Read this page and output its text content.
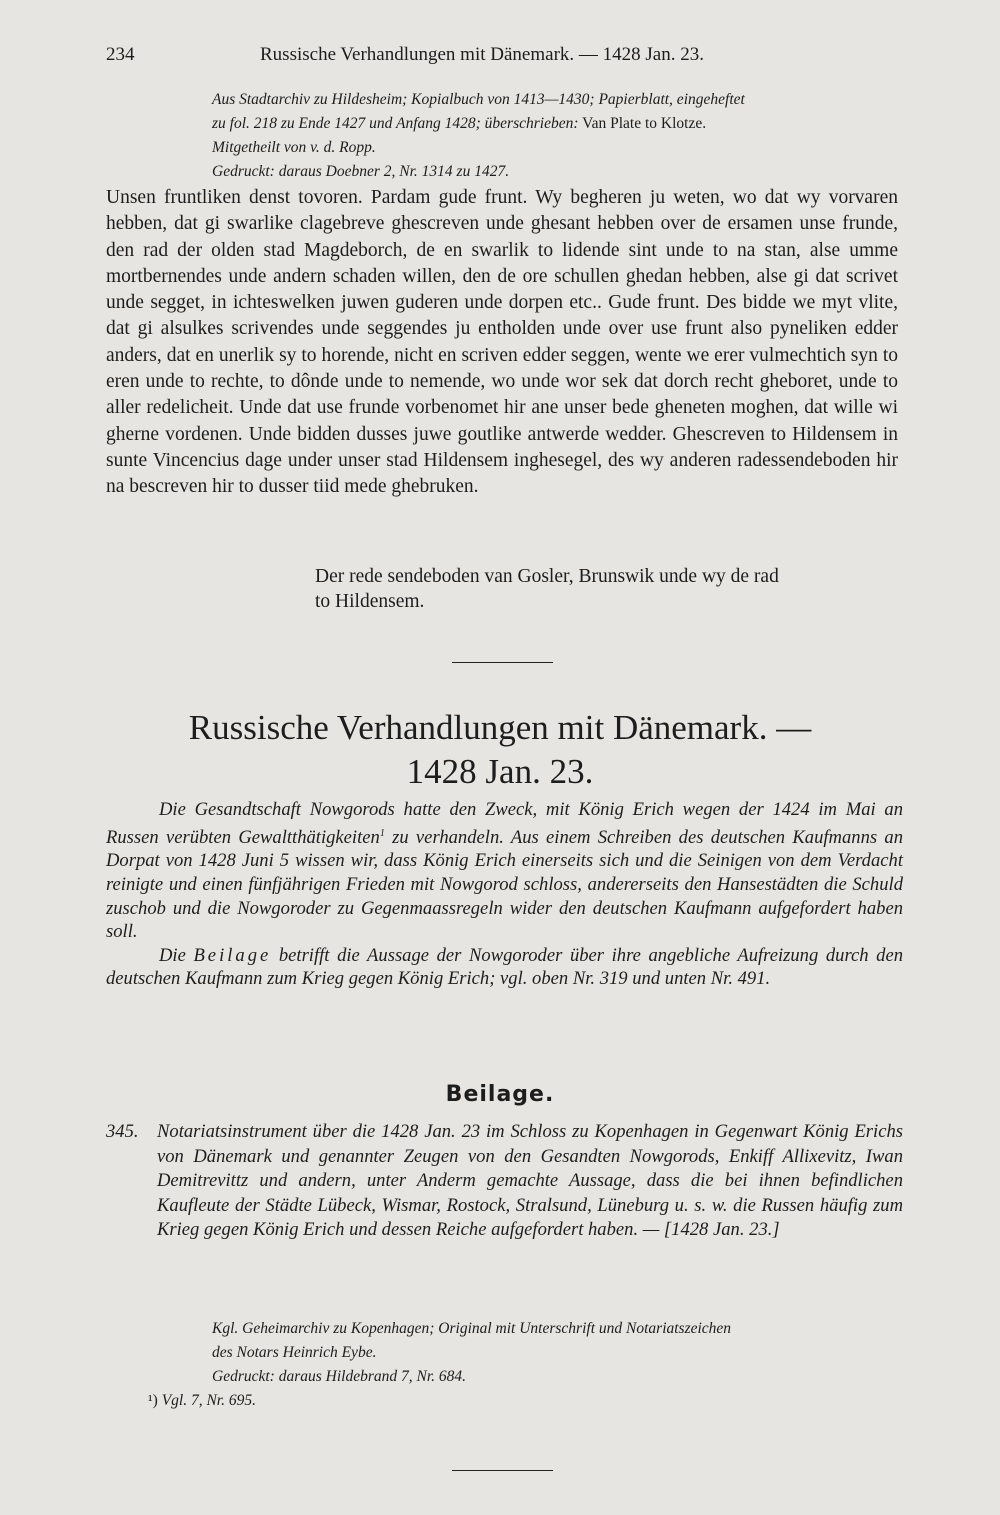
234	Russische Verhandlungen mit Dänemark. — 1428 Jan. 23.
Aus Stadtarchiv zu Hildesheim; Kopialbuch von 1413—1430; Papierblatt, eingeheftet
zu fol. 218 zu Ende 1427 und Anfang 1428; überschrieben: Van Plate to Klotze.
Mitgetheilt von v. d. Ropp.
Gedruckt: daraus Doebner 2, Nr. 1314 zu 1427.

Unsen fruntliken denst tovoren. Pardam gude frunt. Wy begheren ju weten, wo dat wy vorvaren hebben, dat gi swarlike clagebreve ghescreven unde ghesant hebben over de ersamen unse frunde, den rad der olden stad Magdeborch, de en swarlik to lidende sint unde to na stan, alse umme mortbernendes unde andern schaden willen, den de ore schullen ghedan hebben, alse gi dat scrivet unde segget, in ichteswelken juwen guderen unde dorpen etc.. Gude frunt. Des bidde we myt vlite, dat gi alsulkes scrivendes unde seggendes ju entholden unde over use frunt also pyneliken edder anders, dat en unerlik sy to horende, nicht en scriven edder seggen, wente we erer vulmechtich syn to eren unde to rechte, to dônde unde to nemende, wo unde wor sek dat dorch recht gheboret, unde to aller redelicheit. Unde dat use frunde vorbenomet hir ane unser bede gheneten moghen, dat wille wi gherne vordenen. Unde bidden dusses juwe goutlike antwerde wedder. Ghescreven to Hildensem in sunte Vincencius dage under unser stad Hildensem inghesegel, des wy anderen radessendeboden hir na bescreven hir to dusser tiid mede ghebruken.

Der rede sendeboden van Gosler, Brunswik unde wy de rad
to Hildensem.
Russische Verhandlungen mit Dänemark. —
1428 Jan. 23.

Die Gesandtschaft Nowgorods hatte den Zweck, mit König Erich wegen der 1424 im Mai an Russen verübten Gewaltthätigkeiten$^1$ zu verhandeln. Aus einem Schreiben des deutschen Kaufmanns an Dorpat von 1428 Juni 5 wissen wir, dass König Erich einerseits sich und die Seinigen von dem Verdacht reinigte und einen fünfjährigen Frieden mit Nowgorod schloss, andererseits den Hansestädten die Schuld zuschob und die Nowgoroder zu Gegenmaassregeln wider den deutschen Kaufmann aufgefordert haben soll.

Die Beilage betrifft die Aussage der Nowgoroder über ihre angebliche Aufreizung durch den deutschen Kaufmann zum Krieg gegen König Erich; vgl. oben Nr. 319 und unten Nr. 491.

Beilage.
345. Notariatsinstrument über die 1428 Jan. 23 im Schloss zu Kopenhagen in Gegenwart König Erichs von Dänemark und genannter Zeugen von den Gesandten Nowgorods, Enkiff Allixevitz, Iwan Demitrevittz und andern, unter Anderm gemachte Aussage, dass die bei ihnen befindlichen Kaufleute der Städte Lübeck, Wismar, Rostock, Stralsund, Lüneburg u. s. w. die Russen häufig zum Krieg gegen König Erich und dessen Reiche aufgefordert haben. — [1428 Jan. 23.]
Kgl. Geheimarchiv zu Kopenhagen; Original mit Unterschrift und Notariatszeichen
des Notars Heinrich Eybe.
Gedruckt: daraus Hildebrand 7, Nr. 684.
¹) Vgl. 7, Nr. 695.
